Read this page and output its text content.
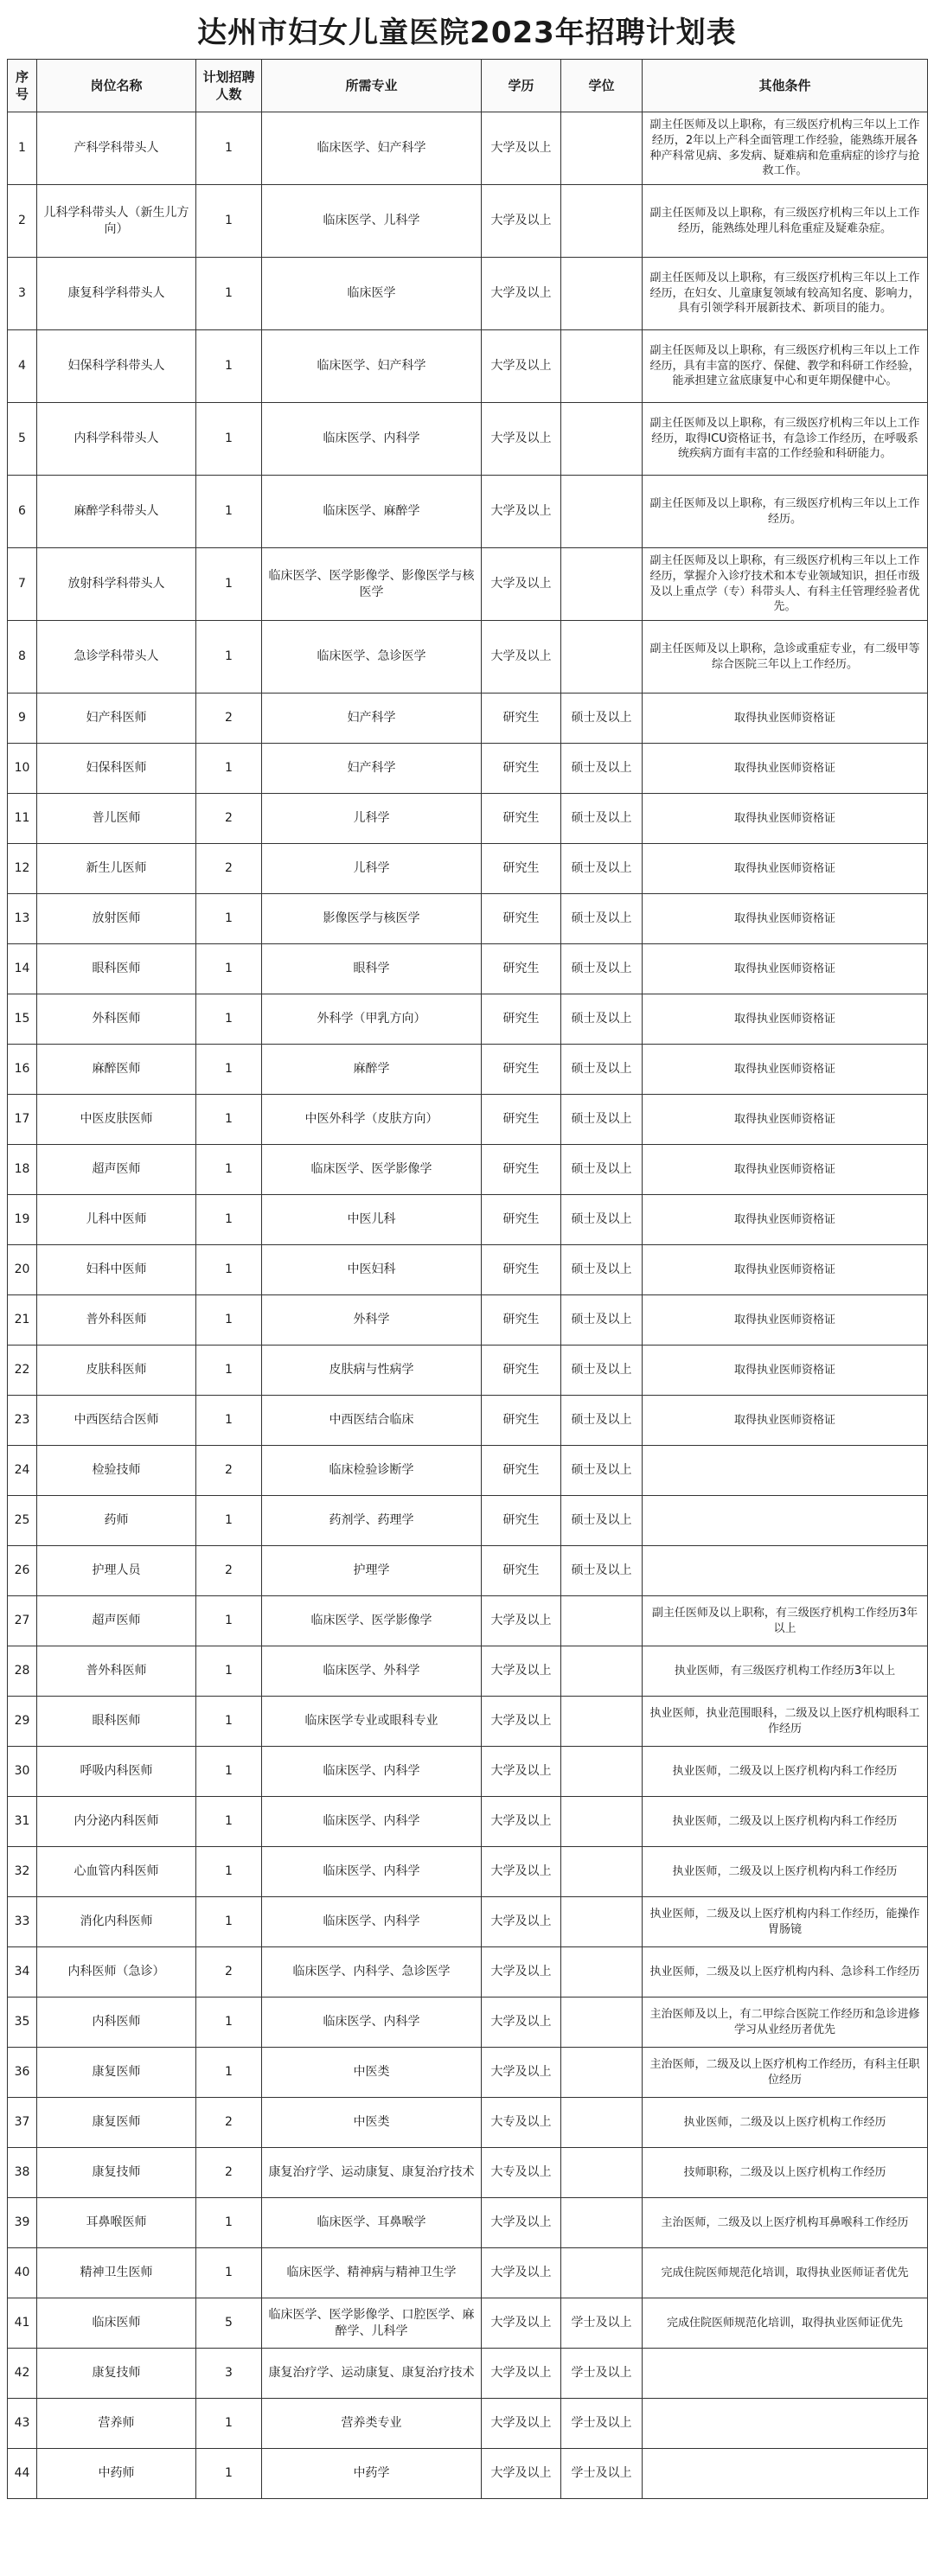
达州市妇女儿童医院2023年招聘计划表
序号	岗位名称	计划招聘人数	所需专业	学历	学位	其他条件
1	产科学科带头人	1	临床医学、妇产科学	大学及以上		副主任医师及以上职称，有三级医疗机构三年以上工作经历，2年以上产科全面管理工作经验，能熟练开展各种产科常见病、多发病、疑难病和危重病症的诊疗与抢救工作。
2	儿科学科带头人（新生儿方向）	1	临床医学、儿科学	大学及以上		副主任医师及以上职称，有三级医疗机构三年以上工作经历，能熟练处理儿科危重症及疑难杂症。
3	康复科学科带头人	1	临床医学	大学及以上		副主任医师及以上职称，有三级医疗机构三年以上工作经历，在妇女、儿童康复领域有较高知名度、影响力，具有引领学科开展新技术、新项目的能力。
4	妇保科学科带头人	1	临床医学、妇产科学	大学及以上		副主任医师及以上职称，有三级医疗机构三年以上工作经历，具有丰富的医疗、保健、教学和科研工作经验，能承担建立盆底康复中心和更年期保健中心。
5	内科学科带头人	1	临床医学、内科学	大学及以上		副主任医师及以上职称，有三级医疗机构三年以上工作经历，取得ICU资格证书，有急诊工作经历，在呼吸系统疾病方面有丰富的工作经验和科研能力。
6	麻醉学科带头人	1	临床医学、麻醉学	大学及以上		副主任医师及以上职称，有三级医疗机构三年以上工作经历。
7	放射科学科带头人	1	临床医学、医学影像学、影像医学与核医学	大学及以上		副主任医师及以上职称，有三级医疗机构三年以上工作经历，掌握介入诊疗技术和本专业领域知识，担任市级及以上重点学（专）科带头人、有科主任管理经验者优先。
8	急诊学科带头人	1	临床医学、急诊医学	大学及以上		副主任医师及以上职称，急诊或重症专业，有二级甲等综合医院三年以上工作经历。
9	妇产科医师	2	妇产科学	研究生	硕士及以上	取得执业医师资格证
10	妇保科医师	1	妇产科学	研究生	硕士及以上	取得执业医师资格证
11	普儿医师	2	儿科学	研究生	硕士及以上	取得执业医师资格证
12	新生儿医师	2	儿科学	研究生	硕士及以上	取得执业医师资格证
13	放射医师	1	影像医学与核医学	研究生	硕士及以上	取得执业医师资格证
14	眼科医师	1	眼科学	研究生	硕士及以上	取得执业医师资格证
15	外科医师	1	外科学（甲乳方向）	研究生	硕士及以上	取得执业医师资格证
16	麻醉医师	1	麻醉学	研究生	硕士及以上	取得执业医师资格证
17	中医皮肤医师	1	中医外科学（皮肤方向）	研究生	硕士及以上	取得执业医师资格证
18	超声医师	1	临床医学、医学影像学	研究生	硕士及以上	取得执业医师资格证
19	儿科中医师	1	中医儿科	研究生	硕士及以上	取得执业医师资格证
20	妇科中医师	1	中医妇科	研究生	硕士及以上	取得执业医师资格证
21	普外科医师	1	外科学	研究生	硕士及以上	取得执业医师资格证
22	皮肤科医师	1	皮肤病与性病学	研究生	硕士及以上	取得执业医师资格证
23	中西医结合医师	1	中西医结合临床	研究生	硕士及以上	取得执业医师资格证
24	检验技师	2	临床检验诊断学	研究生	硕士及以上	
25	药师	1	药剂学、药理学	研究生	硕士及以上	
26	护理人员	2	护理学	研究生	硕士及以上	
27	超声医师	1	临床医学、医学影像学	大学及以上		副主任医师及以上职称，有三级医疗机构工作经历3年以上
28	普外科医师	1	临床医学、外科学	大学及以上		执业医师，有三级医疗机构工作经历3年以上
29	眼科医师	1	临床医学专业或眼科专业	大学及以上		执业医师，执业范围眼科，二级及以上医疗机构眼科工作经历
30	呼吸内科医师	1	临床医学、内科学	大学及以上		执业医师，二级及以上医疗机构内科工作经历
31	内分泌内科医师	1	临床医学、内科学	大学及以上		执业医师，二级及以上医疗机构内科工作经历
32	心血管内科医师	1	临床医学、内科学	大学及以上		执业医师，二级及以上医疗机构内科工作经历
33	消化内科医师	1	临床医学、内科学	大学及以上		执业医师，二级及以上医疗机构内科工作经历，能操作胃肠镜
34	内科医师（急诊）	2	临床医学、内科学、急诊医学	大学及以上		执业医师，二级及以上医疗机构内科、急诊科工作经历
35	内科医师	1	临床医学、内科学	大学及以上		主治医师及以上，有二甲综合医院工作经历和急诊进修学习从业经历者优先
36	康复医师	1	中医类	大学及以上		主治医师，二级及以上医疗机构工作经历，有科主任职位经历
37	康复医师	2	中医类	大专及以上		执业医师，二级及以上医疗机构工作经历
38	康复技师	2	康复治疗学、运动康复、康复治疗技术	大专及以上		技师职称，二级及以上医疗机构工作经历
39	耳鼻喉医师	1	临床医学、耳鼻喉学	大学及以上		主治医师，二级及以上医疗机构耳鼻喉科工作经历
40	精神卫生医师	1	临床医学、精神病与精神卫生学	大学及以上		完成住院医师规范化培训，取得执业医师证者优先
41	临床医师	5	临床医学、医学影像学、口腔医学、麻醉学、儿科学	大学及以上	学士及以上	完成住院医师规范化培训，取得执业医师证优先
42	康复技师	3	康复治疗学、运动康复、康复治疗技术	大学及以上	学士及以上	
43	营养师	1	营养类专业	大学及以上	学士及以上	
44	中药师	1	中药学	大学及以上	学士及以上	
